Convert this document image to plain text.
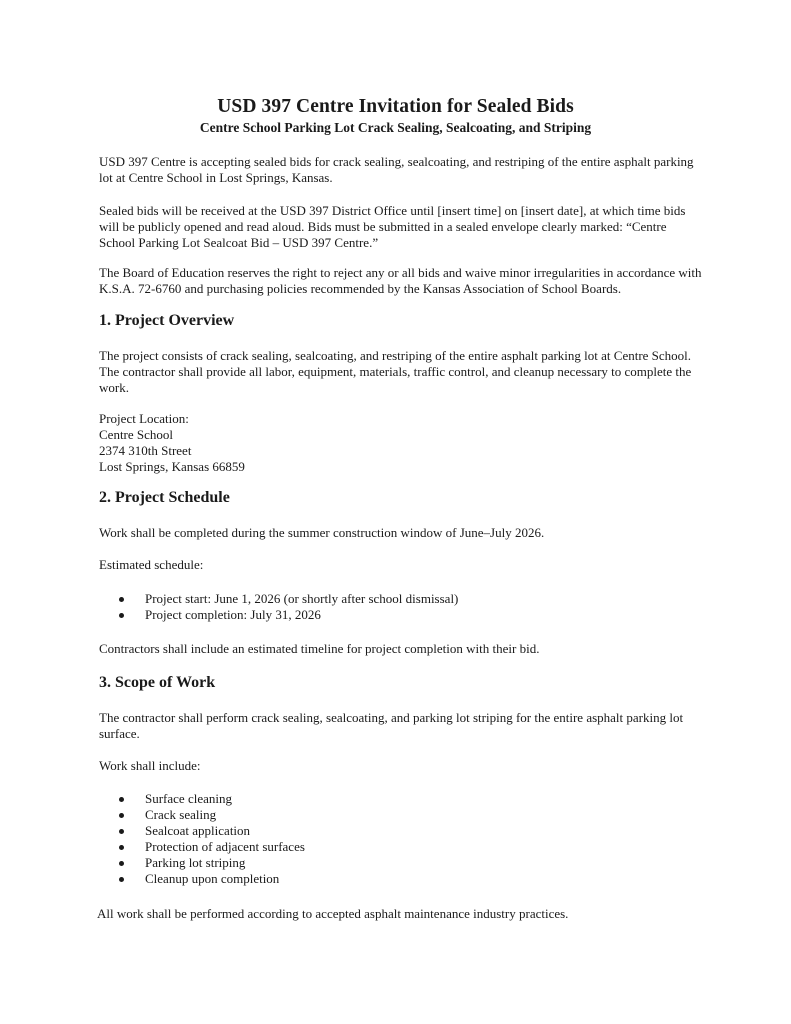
USD 397 Centre Invitation for Sealed Bids
Centre School Parking Lot Crack Sealing, Sealcoating, and Striping

USD 397 Centre is accepting sealed bids for crack sealing, sealcoating, and restriping of the entire asphalt parking
lot at Centre School in Lost Springs, Kansas.

Sealed bids will be received at the USD 397 District Office until [insert time] on [insert date], at which time bids
will be publicly opened and read aloud. Bids must be submitted in a sealed envelope clearly marked: “Centre
School Parking Lot Sealcoat Bid – USD 397 Centre.”

The Board of Education reserves the right to reject any or all bids and waive minor irregularities in accordance with
K.S.A. 72-6760 and purchasing policies recommended by the Kansas Association of School Boards.

1. Project Overview

The project consists of crack sealing, sealcoating, and restriping of the entire asphalt parking lot at Centre School.
The contractor shall provide all labor, equipment, materials, traffic control, and cleanup necessary to complete the
work.

Project Location:
Centre School
2374 310th Street
Lost Springs, Kansas 66859

2. Project Schedule

Work shall be completed during the summer construction window of June–July 2026.

Estimated schedule:

Project start: June 1, 2026 (or shortly after school dismissal)
Project completion: July 31, 2026

Contractors shall include an estimated timeline for project completion with their bid.

3. Scope of Work

The contractor shall perform crack sealing, sealcoating, and parking lot striping for the entire asphalt parking lot
surface.

Work shall include:

Surface cleaning
Crack sealing
Sealcoat application
Protection of adjacent surfaces
Parking lot striping
Cleanup upon completion

All work shall be performed according to accepted asphalt maintenance industry practices.
